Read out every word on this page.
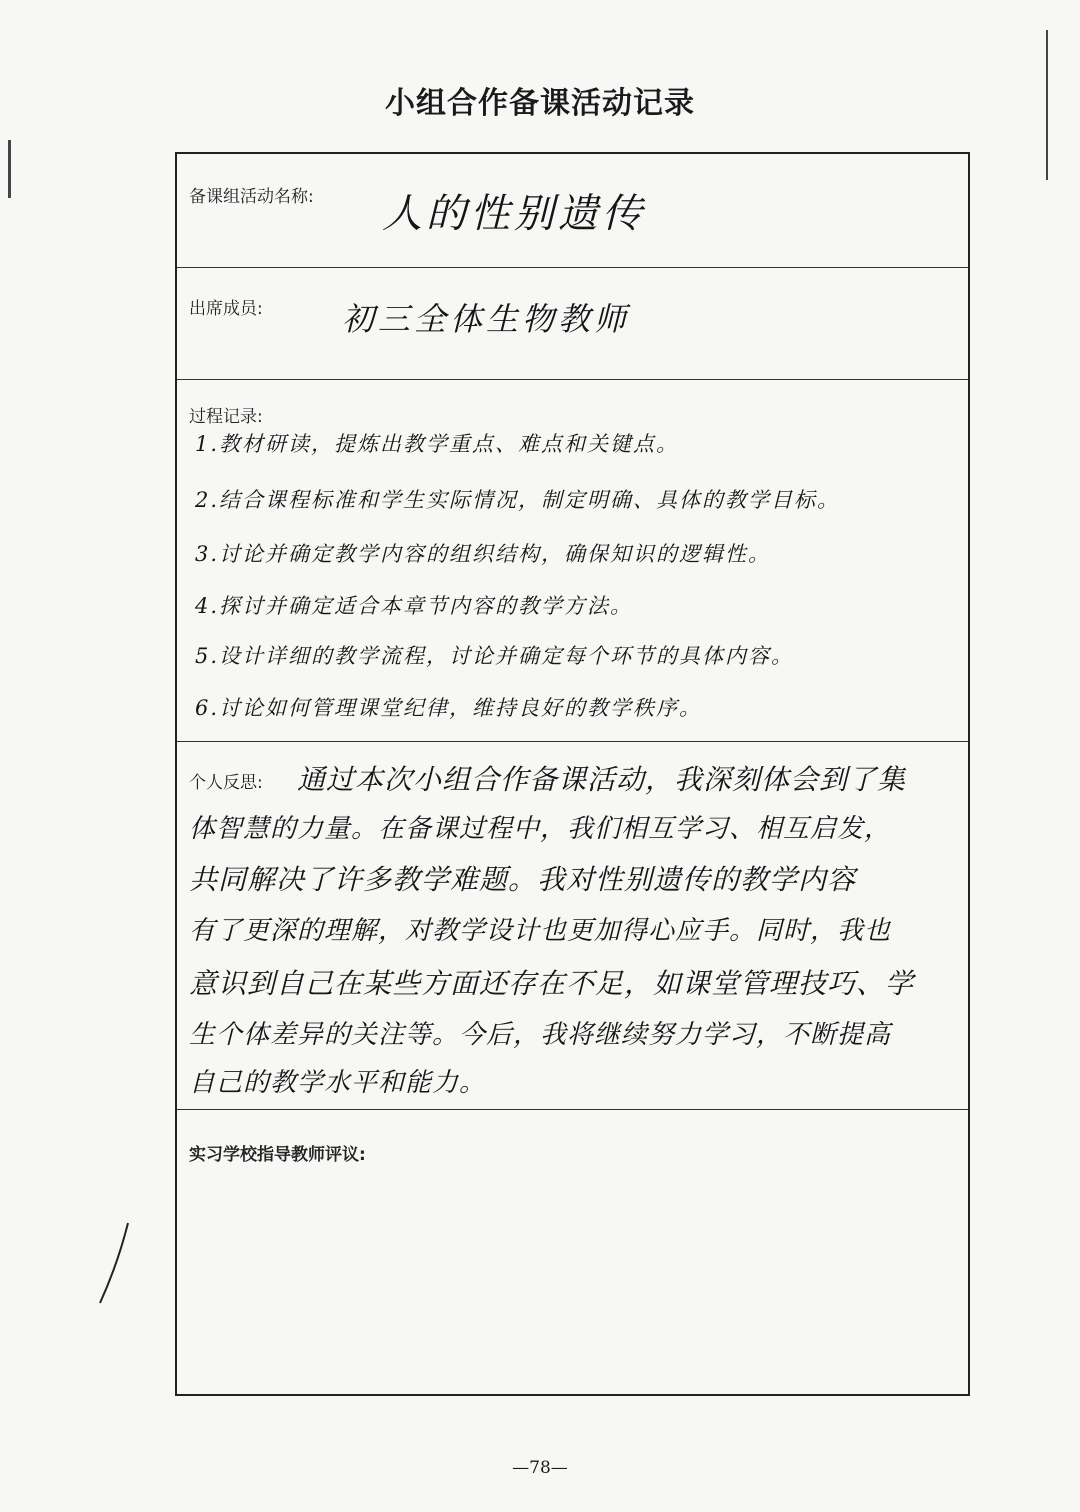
小组合作备课活动记录
备课组活动名称: 人的性别遗传
出席成员: 初三全体生物教师
过程记录:
1.教材研读，提炼出教学重点、难点和关键点。
2.结合课程标准和学生实际情况，制定明确、具体的教学目标。
3.讨论并确定教学内容的组织结构，确保知识的逻辑性。
4.探讨并确定适合本章节内容的教学方法。
5.设计详细的教学流程，讨论并确定每个环节的具体内容。
6.讨论如何管理课堂纪律，维持良好的教学秩序。
个人反思: 通过本次小组合作备课活动，我深刻体会到了集
体智慧的力量。在备课过程中，我们相互学习、相互启发，
共同解决了许多教学难题。我对性别遗传的教学内容
有了更深的理解，对教学设计也更加得心应手。同时，我也
意识到自己在某些方面还存在不足，如课堂管理技巧、学
生个体差异的关注等。今后，我将继续努力学习，不断提高
自己的教学水平和能力。
实习学校指导教师评议:
—78—
